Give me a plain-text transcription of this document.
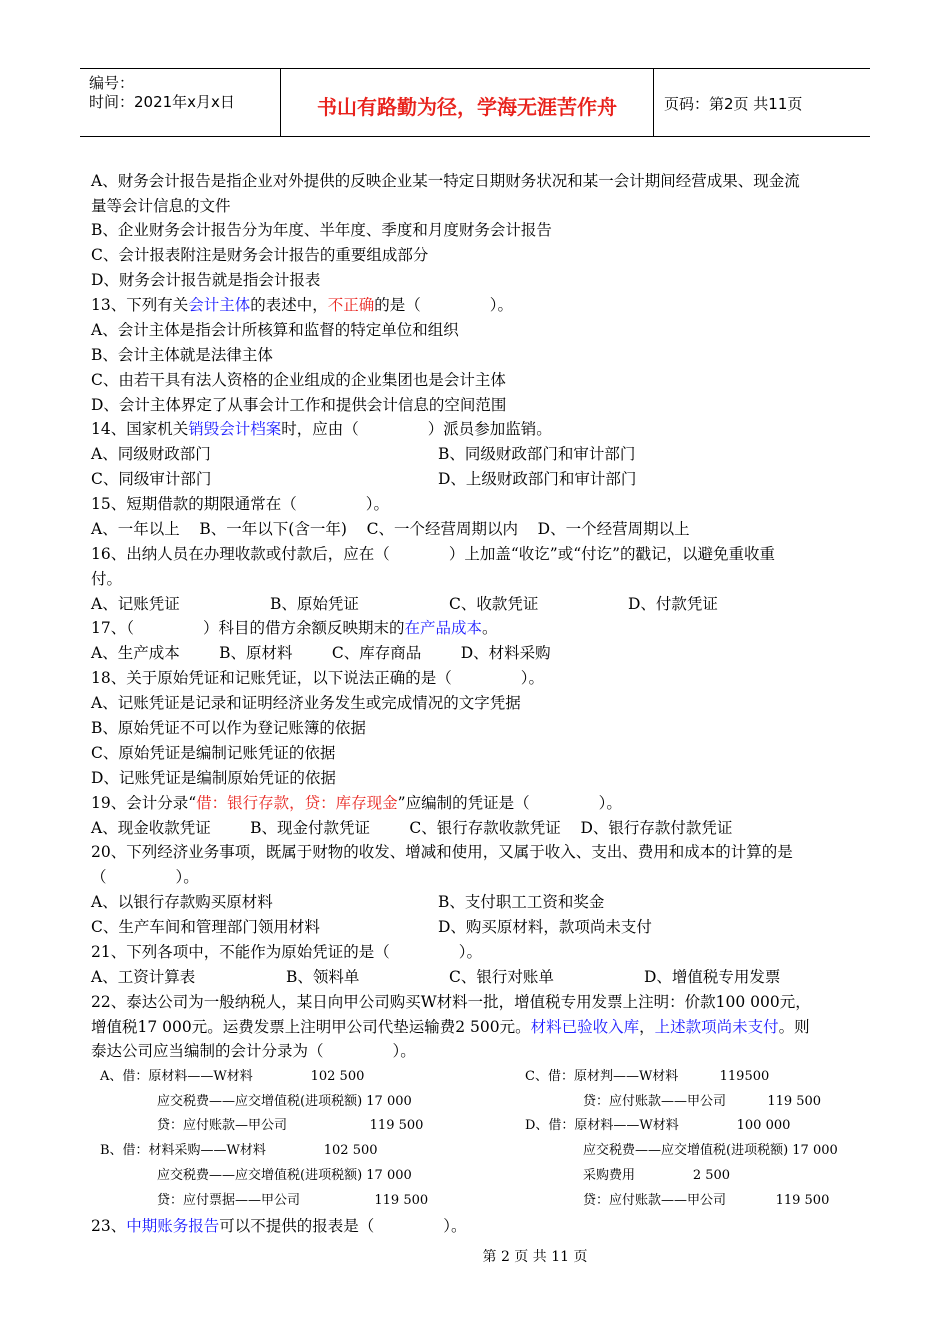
编号：
时间：2021年x月x日	书山有路勤为径，学海无涯苦作舟	页码：第2页 共11页
A、财务会计报告是指企业对外提供的反映企业某一特定日期财务状况和某一会计期间经营成果、现金流
量等会计信息的文件
B、企业财务会计报告分为年度、半年度、季度和月度财务会计报告
C、会计报表附注是财务会计报告的重要组成部分
D、财务会计报告就是指会计报表
13、下列有关会计主体的表述中，不正确的是（              ）。
A、会计主体是指会计所核算和监督的特定单位和组织
B、会计主体就是法律主体
C、由若干具有法人资格的企业组成的企业集团也是会计主体
D、会计主体界定了从事会计工作和提供会计信息的空间范围
14、国家机关销毁会计档案时，应由（              ）派员参加监销。
A、同级财政部门	B、同级财政部门和审计部门
C、同级审计部门	D、上级财政部门和审计部门
15、短期借款的期限通常在（              ）。
A、一年以上    B、一年以下(含一年)    C、一个经营周期以内    D、一个经营周期以上
16、出纳人员在办理收款或付款后，应在（            ）上加盖“收讫”或“付讫”的戳记，以避免重收重
付。
A、记账凭证	B、原始凭证	C、收款凭证	D、付款凭证
17、（              ）科目的借方余额反映期末的在产品成本。
A、生产成本        B、原材料        C、库存商品        D、材料采购
18、关于原始凭证和记账凭证，以下说法正确的是（              ）。
A、记账凭证是记录和证明经济业务发生或完成情况的文字凭据
B、原始凭证不可以作为登记账簿的依据
C、原始凭证是编制记账凭证的依据
D、记账凭证是编制原始凭证的依据
19、会计分录“借：银行存款，贷：库存现金”应编制的凭证是（              ）。
A、现金收款凭证        B、现金付款凭证        C、银行存款收款凭证    D、银行存款付款凭证
20、下列经济业务事项，既属于财物的收发、增减和使用，又属于收入、支出、费用和成本的计算的是
（              ）。
A、以银行存款购买原材料	B、支付职工工资和奖金
C、生产车间和管理部门领用材料	D、购买原材料，款项尚未支付
21、下列各项中，不能作为原始凭证的是（              ）。
A、工资计算表	B、领料单	C、银行对账单	D、增值税专用发票
22、泰达公司为一般纳税人，某日向甲公司购买W材料一批，增值税专用发票上注明：价款100 000元，
增值税17 000元。运费发票上注明甲公司代垫运输费2 500元。材料已验收入库，上述款项尚未支付。则
泰达公司应当编制的会计分录为（              ）。
A、借：原材料——W材料              102 500
应交税费——应交增值税(进项税额) 17 000
贷：应付账款—甲公司                    119 500
B、借：材料采购——W材料              102 500
应交税费——应交增值税(进项税额) 17 000
贷：应付票据——甲公司                  119 500
C、借：原材判——W材料          119500
贷：应付账款——甲公司          119 500
D、借：原材料——W材料              100 000
应交税费——应交增值税(进项税额) 17 000
采购费用              2 500
贷：应付账款——甲公司            119 500
23、中期账务报告可以不提供的报表是（              ）。
第 2 页 共 11 页
